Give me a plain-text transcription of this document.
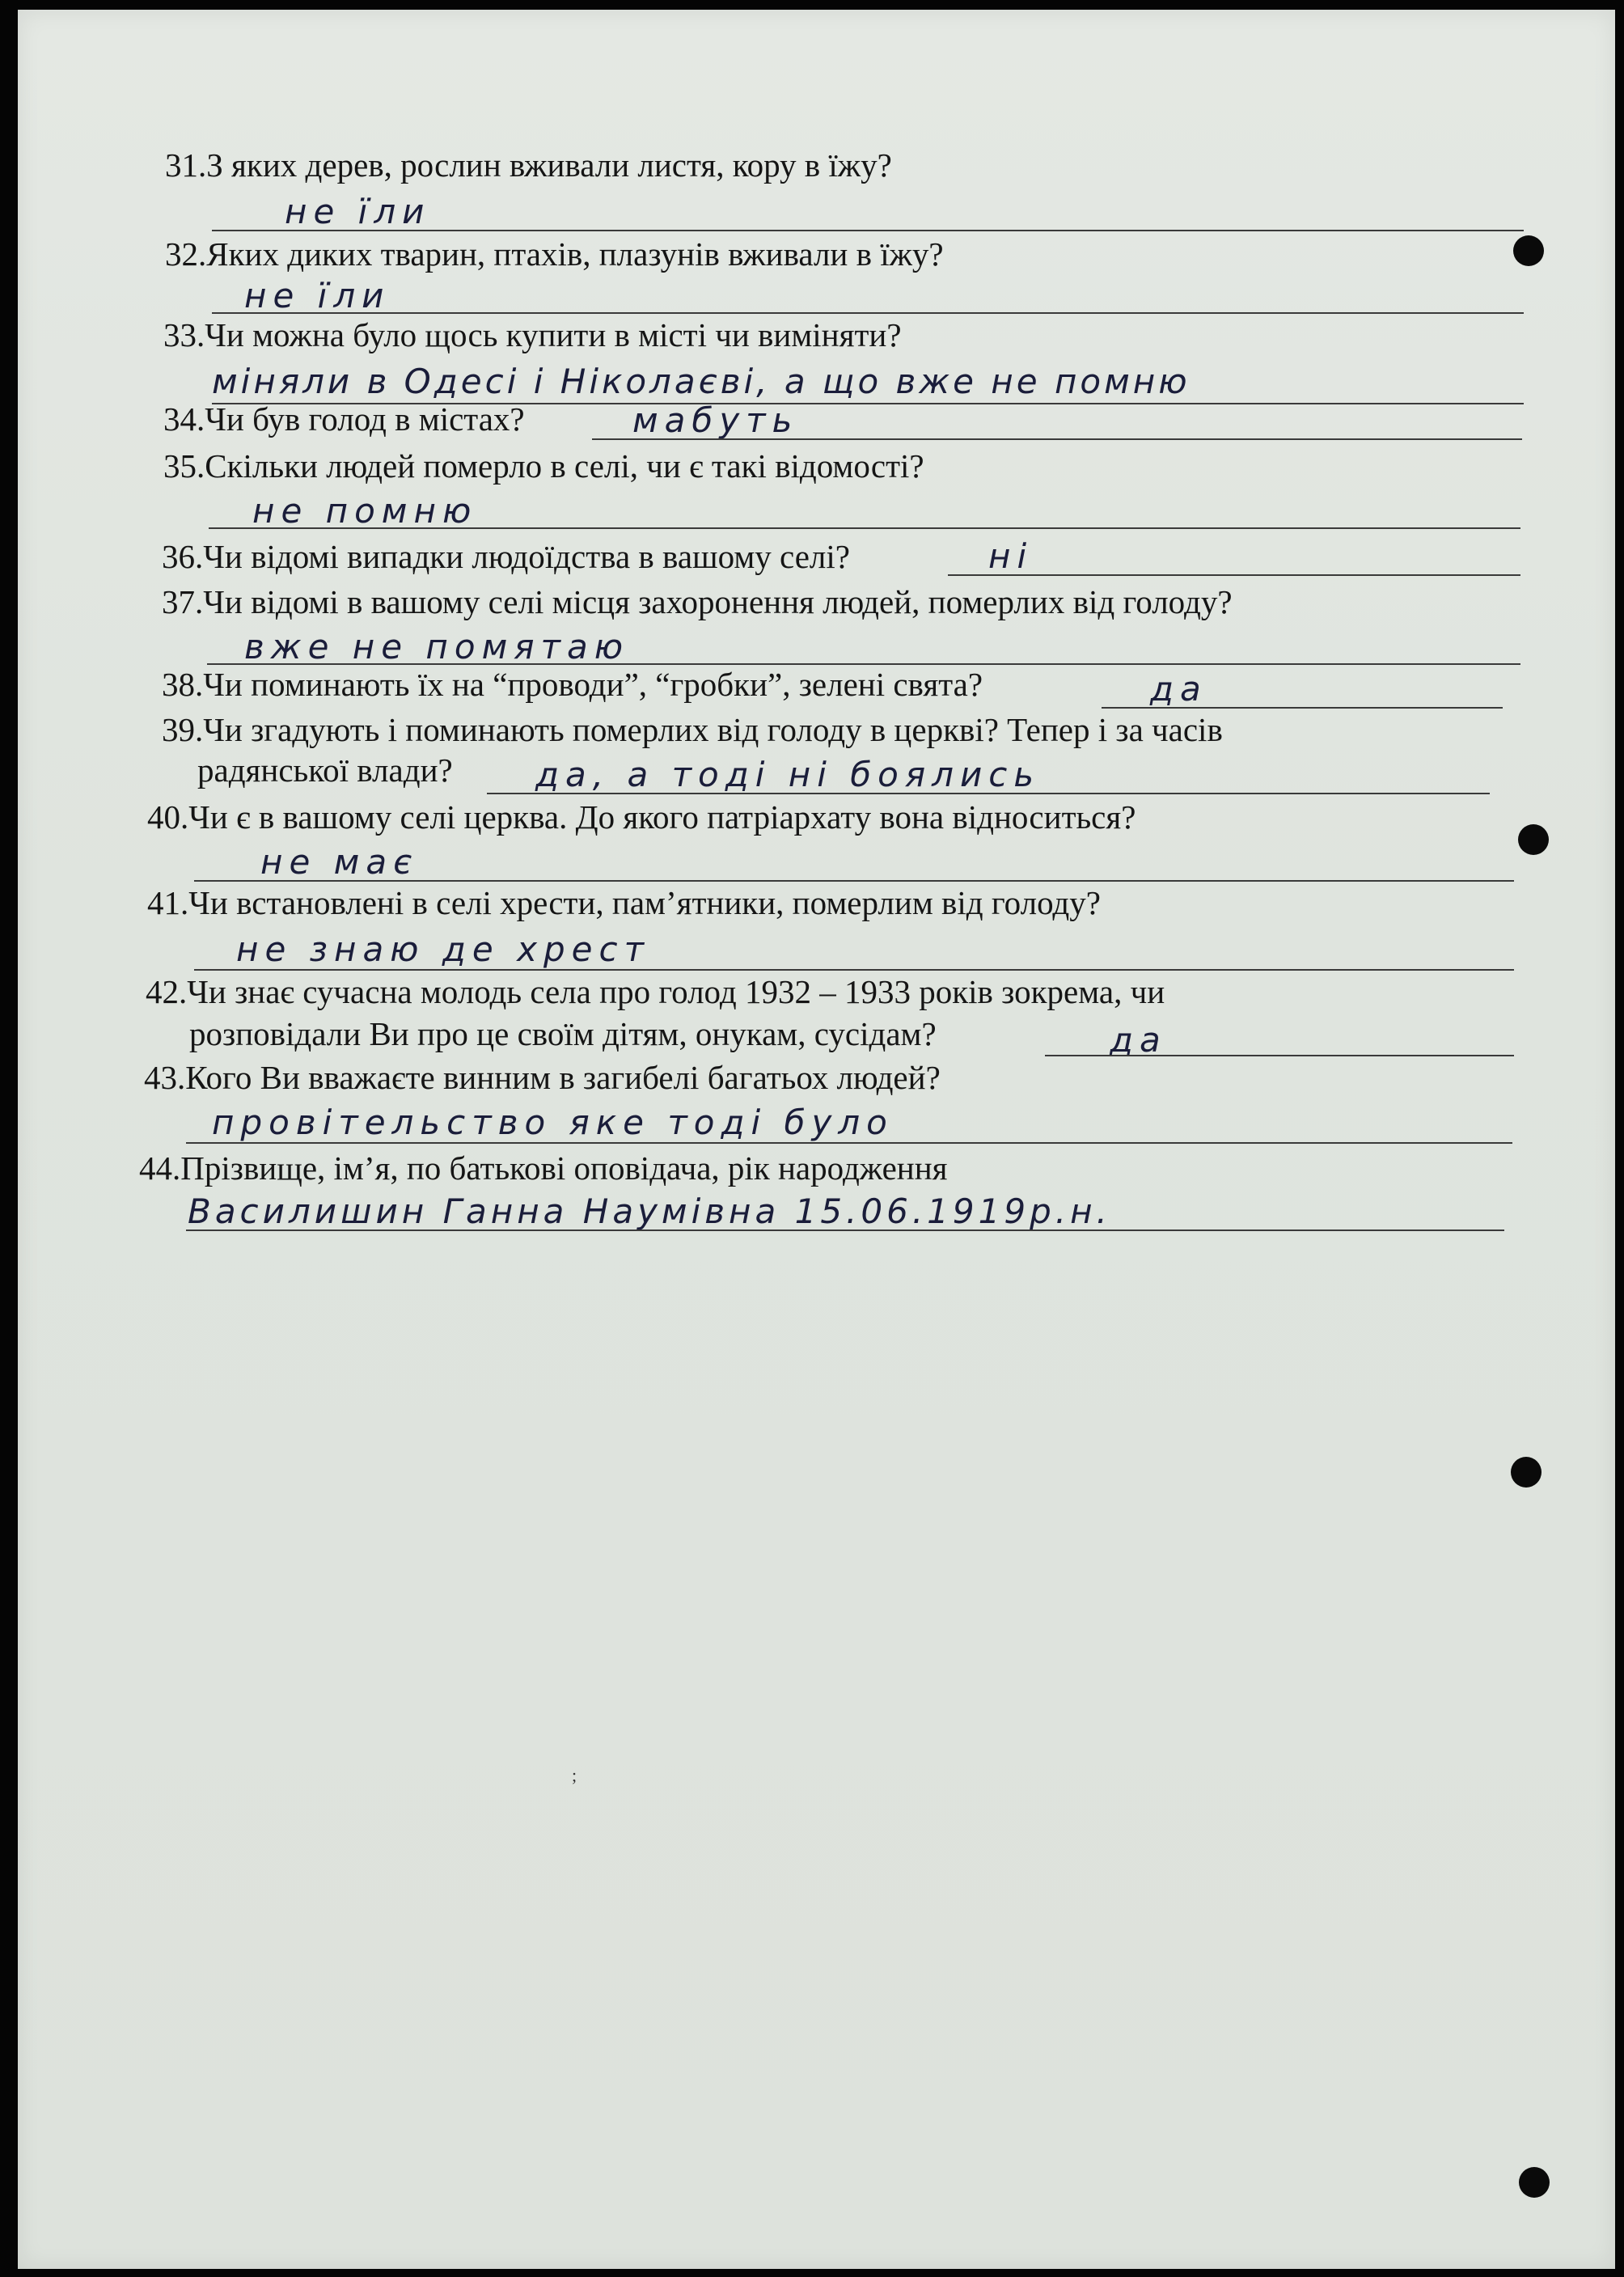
31.З яких дерев, рослин вживали листя, кору в їжу?
не їли
32.Яких диких тварин, птахів, плазунів вживали в їжу?
не їли
33.Чи можна було щось купити в місті чи виміняти?
міняли в Одесі і Ніколаєві, а що вже не помню
34.Чи був голод в містах?	мабуть
35.Скільки людей померло в селі, чи є такі відомості?
не помню
36.Чи відомі випадки людоїдства в вашому селі?	ні
37.Чи відомі в вашому селі місця захоронення людей, померлих від голоду?
вже не помятаю
38.Чи поминають їх на “проводи”, “гробки”, зелені свята?	да
39.Чи згадують і поминають померлих від голоду в церкві? Тепер і за часів
радянської влади? да, а тоді ні боялись
40.Чи є в вашому селі церква. До якого патріархату вона відноситься?
не має
41.Чи встановлені в селі хрести, пам’ятники, померлим від голоду?
не знаю де хрест
42.Чи знає сучасна молодь села про голод 1932 – 1933 років зокрема, чи
розповідали Ви про це своїм дітям, онукам, сусідам?	да
43.Кого Ви вважаєте винним в загибелі багатьох людей?
провітельство яке тоді було
44.Прізвище, ім’я, по батькові оповідача, рік народження
Василишин Ганна Наумівна 15.06.1919р.н.
;
